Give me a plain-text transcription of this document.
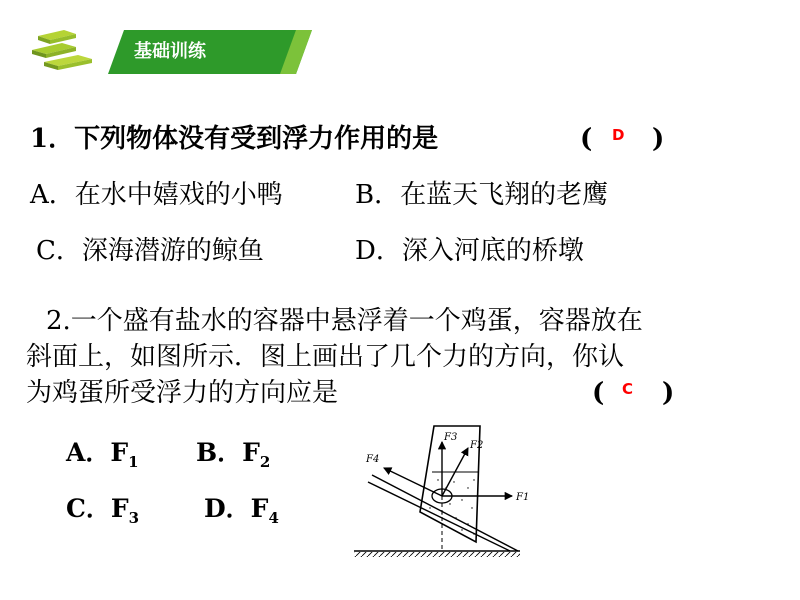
基础训练
1．下列物体没有受到浮力作用的是	( D )
A．在水中嬉戏的小鸭	B．在蓝天飞翔的老鹰
C．深海潜游的鲸鱼	D．深入河底的桥墩
2.一个盛有盐水的容器中悬浮着一个鸡蛋，容器放在
斜面上，如图所示．图上画出了几个力的方向，你认
为鸡蛋所受浮力的方向应是	( C )
A．$F_1$ B．$F_2$
C．$F_3$	D．$F_4$
F1
F2
F3
F4
